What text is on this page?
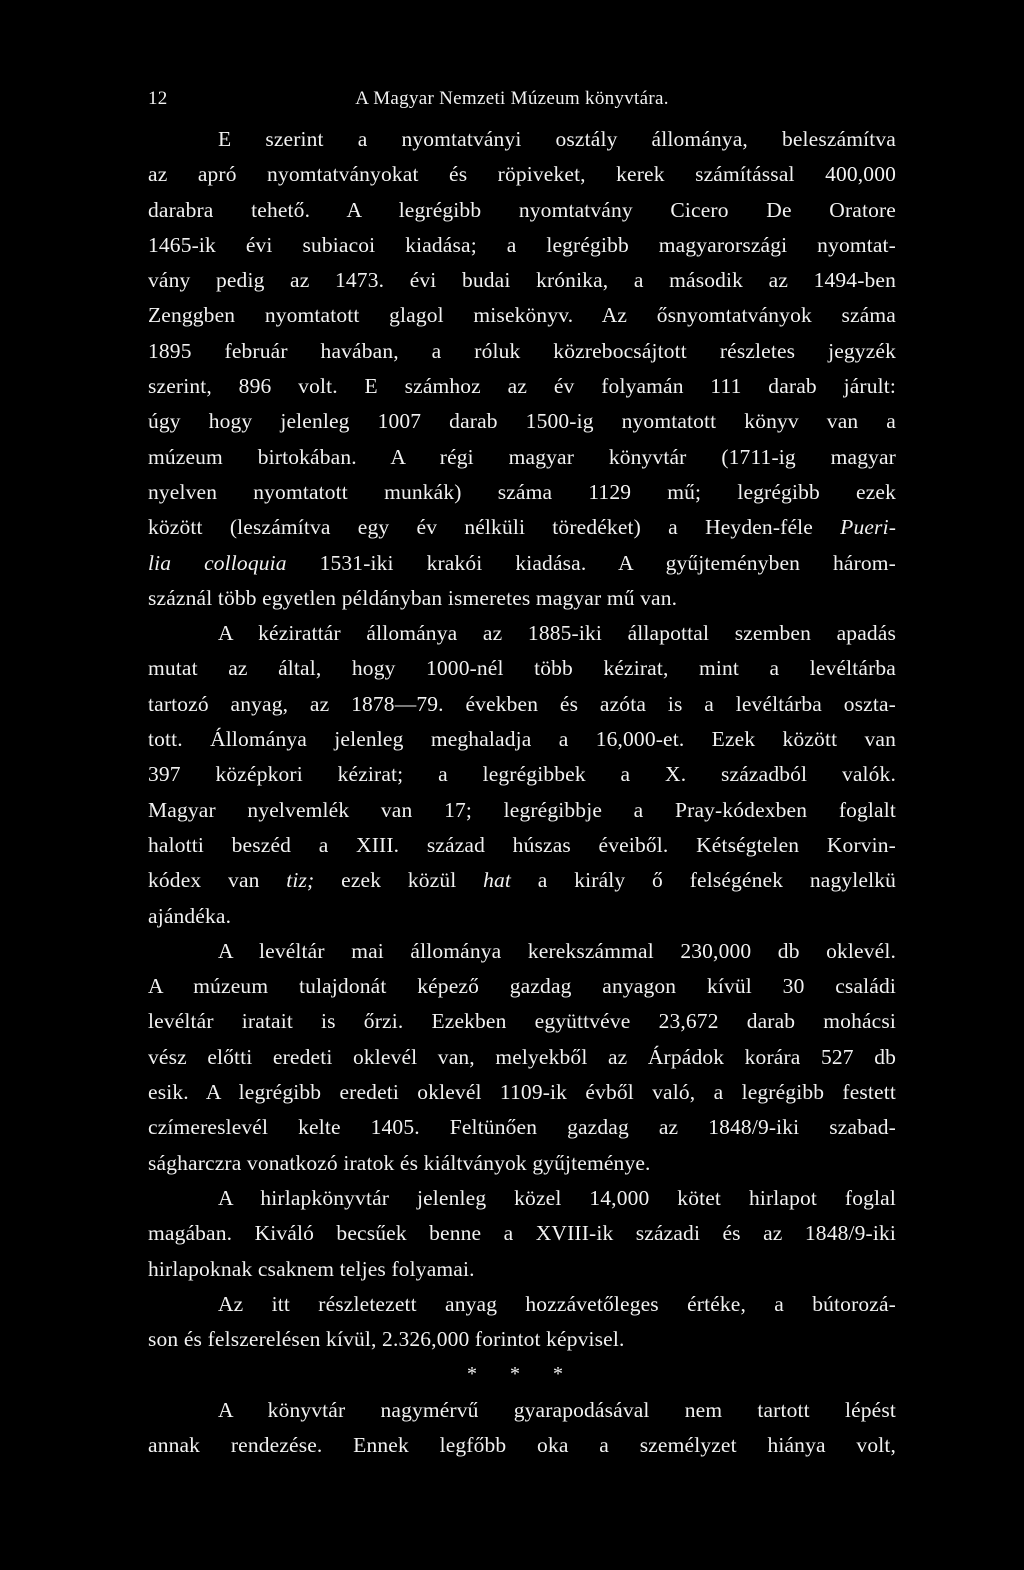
12	A Magyar Nemzeti Múzeum könyvtára.
E szerint a nyomtatványi osztály állománya, beleszámítva
az apró nyomtatványokat és röpiveket, kerek számítással 400,000
darabra tehető. A legrégibb nyomtatvány Cicero De Oratore
1465-ik évi subiacoi kiadása; a legrégibb magyarországi nyomtat-
vány pedig az 1473. évi budai krónika, a második az 1494-ben
Zenggben nyomtatott glagol misekönyv. Az ősnyomtatványok száma
1895 február havában, a róluk közrebocsájtott részletes jegyzék
szerint, 896 volt. E számhoz az év folyamán 111 darab járult:
úgy hogy jelenleg 1007 darab 1500-ig nyomtatott könyv van a
múzeum birtokában. A régi magyar könyvtár (1711-ig magyar
nyelven nyomtatott munkák) száma 1129 mű; legrégibb ezek
között (leszámítva egy év nélküli töredéket) a Heyden-féle Pueri-
lia colloquia 1531-iki krakói kiadása. A gyűjteményben három-
száznál több egyetlen példányban ismeretes magyar mű van.
A kézirattár állománya az 1885-iki állapottal szemben apadás
mutat az által, hogy 1000-nél több kézirat, mint a levéltárba
tartozó anyag, az 1878—79. években és azóta is a levéltárba oszta-
tott. Állománya jelenleg meghaladja a 16,000-et. Ezek között van
397 középkori kézirat; a legrégibbek a X. századból valók.
Magyar nyelvemlék van 17; legrégibbje a Pray-kódexben foglalt
halotti beszéd a XIII. század húszas éveiből. Kétségtelen Korvin-
kódex van tiz; ezek közül hat a király ő felségének nagylelkü
ajándéka.
A levéltár mai állománya kerekszámmal 230,000 db oklevél.
A múzeum tulajdonát képező gazdag anyagon kívül 30 családi
levéltár iratait is őrzi. Ezekben együttvéve 23,672 darab mohácsi
vész előtti eredeti oklevél van, melyekből az Árpádok korára 527 db
esik. A legrégibb eredeti oklevél 1109-ik évből való, a legrégibb festett
czímereslevél kelte 1405. Feltünően gazdag az 1848/9-iki szabad-
ságharczra vonatkozó iratok és kiáltványok gyűjteménye.
A hirlapkönyvtár jelenleg közel 14,000 kötet hirlapot foglal
magában. Kiváló becsűek benne a XVIII-ik századi és az 1848/9-iki
hirlapoknak csaknem teljes folyamai.
Az itt részletezett anyag hozzávetőleges értéke, a bútorozá-
son és felszerelésen kívül, 2.326,000 forintot képvisel.
* * *
A könyvtár nagymérvű gyarapodásával nem tartott lépést
annak rendezése. Ennek legfőbb oka a személyzet hiánya volt,
